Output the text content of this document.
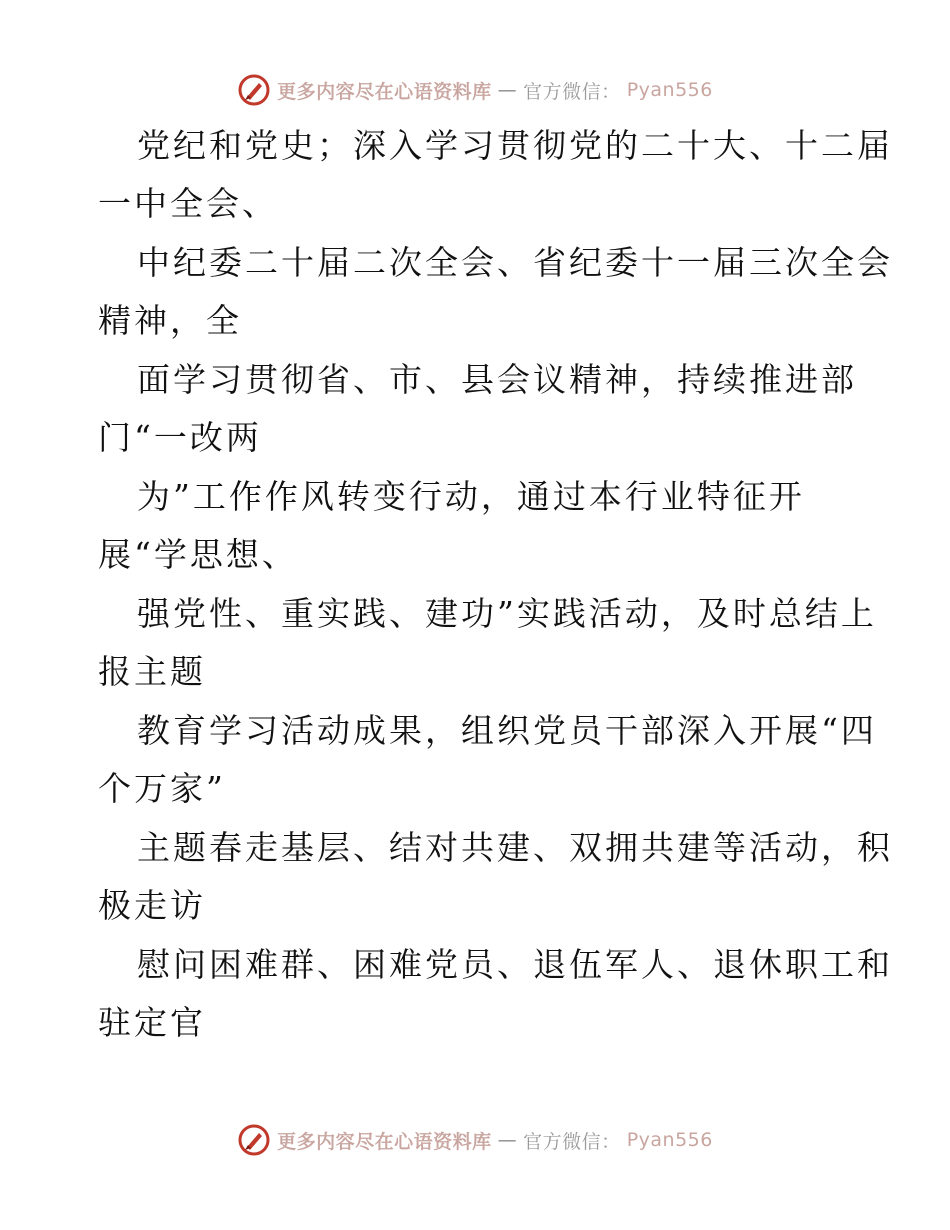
更多内容尽在心语资料库 — 官方微信： Pyan556
党纪和党史；深入学习贯彻党的二十大、十二届
一中全会、
中纪委二十届二次全会、省纪委十一届三次全会
精神，全
面学习贯彻省、市、县会议精神，持续推进部
门“一改两
为”工作作风转变行动，通过本行业特征开
展“学思想、
强党性、重实践、建功”实践活动，及时总结上
报主题
教育学习活动成果，组织党员干部深入开展“四
个万家”
主题春走基层、结对共建、双拥共建等活动，积
极走访
慰问困难群、困难党员、退伍军人、退休职工和
驻定官
更多内容尽在心语资料库 — 官方微信： Pyan556
